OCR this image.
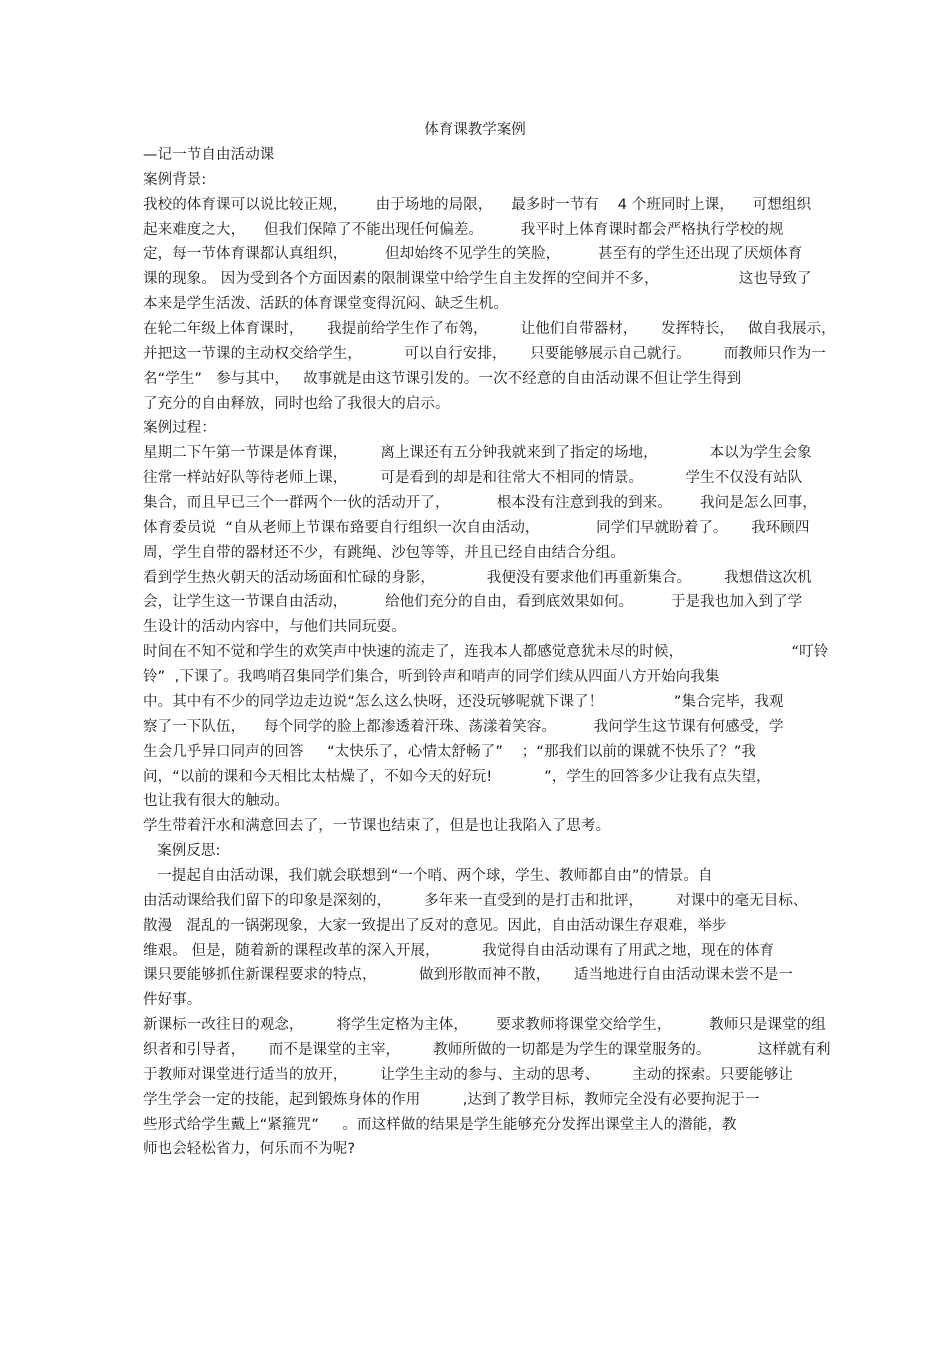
体育课教学案例
—记一节自由活动课
案例背景:
我校的体育课可以说比较正规，      由于场地的局限，    最多时一节有    4 个班同时上课，    可想组织
起来难度之大，    但我们保障了不能出现任何偏差。        我平时上体育课时都会严格执行学校的规
定，每一节体育课都认真组织，        但却始终不见学生的笑脸，        甚至有的学生还出现了厌烦体育
课的现象。 因为受到各个方面因素的限制课堂中给学生自主发挥的空间并不多，                 这也导致了
本来是学生活泼、活跃的体育课堂变得沉闷、缺乏生机。
在轮二年级上体育课时，     我提前给学生作了布鸰，       让他们自带器材，     发挥特长，   做自我展示，
并把这一节课的主动权交给学生，         可以自行安排，     只要能够展示自己就行。       而教师只作为一
名“学生”   参与其中，   故事就是由这节课引发的。一次不经意的自由活动课不但让学生得到
了充分的自由释放，同时也给了我很大的启示。
案例过程：
星期二下午第一节课是体育课，       离上课还有五分钟我就来到了指定的场地，           本以为学生会象
往常一样站好队等待老师上课，       可是看到的却是和往常大不相同的情景。         学生不仅没有站队
集合，而且早已三个一群两个一伙的活动开了，          根本没有注意到我的到来。      我问是怎么回事，
体育委员说  “自从老师上节课布臵要自行组织一次自由活动，            同学们早就盼着了。     我环顾四
周，学生自带的器材还不少，有跳绳、沙包等等，并且已经自由结合分组。
看到学生热火朝天的活动场面和忙碌的身影，           我便没有要求他们再重新集合。       我想借这次机
会，让学生这一节课自由活动，        给他们充分的自由，看到底效果如何。        于是我也加入到了学
生设计的活动内容中，与他们共同玩耍。
时间在不知不觉和学生的欢笑声中快速的流走了，连我本人都感觉意犹未尽的时候，                       “叮铃
铃”  ,下课了。我鸣哨召集同学们集合，听到铃声和哨声的同学们续从四面八方开始向我集
中。其中有不少的同学边走边说“怎么这么快呀，还没玩够呢就下课了！               ”集合完毕，我观
察了一下队伍，    每个同学的脸上都渗透着汗珠、荡漾着笑容。        我问学生这节课有何感受，学
生会几乎异口同声的回答     “太快乐了，心情太舒畅了”    ；“那我们以前的课就不快乐了？”我
问，“以前的课和今天相比太枯燥了，不如今天的好玩!           ”，学生的回答多少让我有点失望，
也让我有很大的触动。
学生带着汗水和满意回去了，一节课也结束了，但是也让我陷入了思考。
案例反思:
一提起自由活动课，我们就会联想到“一个哨、两个球，学生、教师都自由”的情景。自
由活动课给我们留下的印象是深刻的，       多年来一直受到的是打击和批评，       对课中的毫无目标、
散漫   混乱的一锅粥现象，大家一致提出了反对的意见。因此，自由活动课生存艰难，举步
维艰。 但是，随着新的课程改革的深入开展，         我觉得自由活动课有了用武之地，现在的体育
课只要能够抓住新课程要求的特点，         做到形散而神不散，     适当地进行自由活动课未尝不是一
件好事。
新课标一改往日的观念，       将学生定格为主体，      要求教师将课堂交给学生，        教师只是课堂的组
织者和引导者，     而不是课堂的主宰，       教师所做的一切都是为学生的课堂服务的。          这样就有利
于教师对课堂进行适当的放开，       让学生主动的参与、主动的思考、       主动的探索。只要能够让
学生学会一定的技能，起到锻炼身体的作用         ,达到了教学目标，教师完全没有必要拘泥于一
些形式给学生戴上“紧箍咒”     。而这样做的结果是学生能够充分发挥出课堂主人的潜能，教
师也会轻松省力，何乐而不为呢?
